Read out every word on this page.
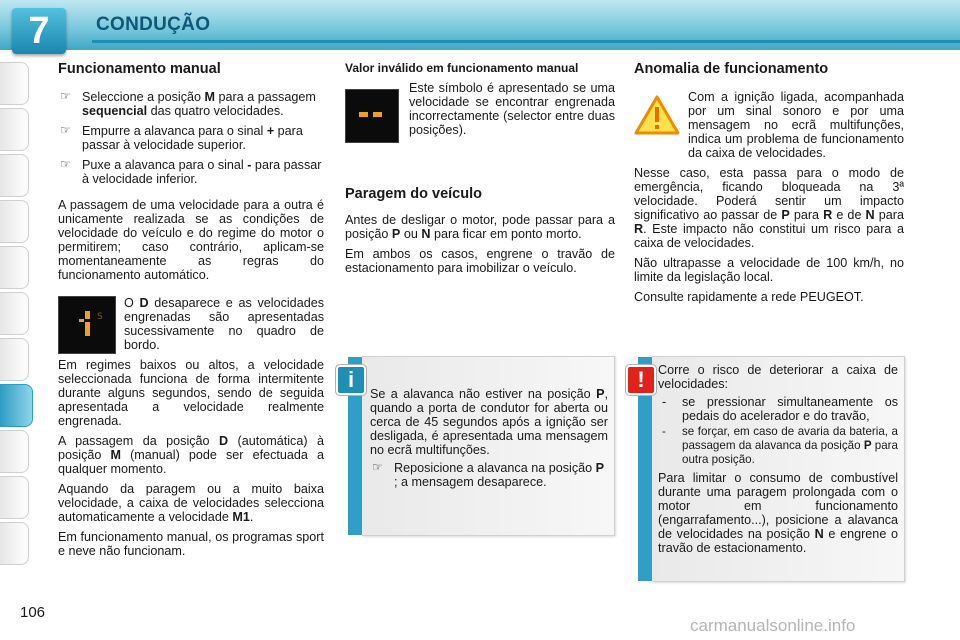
7	CONDUÇÃO
Funcionamento manual
☞ Seleccione a posição M para a passagem sequencial das quatro velocidades.
☞ Empurre a alavanca para o sinal + para passar à velocidade superior.
☞ Puxe a alavanca para o sinal - para passar à velocidade inferior.

A passagem de uma velocidade para a outra é unicamente realizada se as condições de velocidade do veículo e do regime do motor o permitirem; caso contrário, aplicam-se momentaneamente as regras do funcionamento automático.

S

O D desaparece e as velocidades engrenadas são apresentadas sucessivamente no quadro de bordo.

Em regimes baixos ou altos, a velocidade seleccionada funciona de forma intermitente durante alguns segundos, sendo de seguida apresentada a velocidade realmente engrenada.

A passagem da posição D (automática) à posição M (manual) pode ser efectuada a qualquer momento.

Aquando da paragem ou a muito baixa velocidade, a caixa de velocidades selecciona automaticamente a velocidade M1.

Em funcionamento manual, os programas sport e neve não funcionam.

Valor inválido em funcionamento manual

Este símbolo é apresentado se uma velocidade se encontrar engrenada incorrectamente (selector entre duas posições).

Paragem do veículo

Antes de desligar o motor, pode passar para a posição P ou N para ficar em ponto morto.

Em ambos os casos, engrene o travão de estacionamento para imobilizar o veículo.

i

Se a alavanca não estiver na posição P, quando a porta de condutor for aberta ou cerca de 45 segundos após a ignição ser desligada, é apresentada uma mensagem no ecrã multifunções.

☞ Reposicione a alavanca na posição P ; a mensagem desaparece.
Anomalia de funcionamento

Com a ignição ligada, acompanhada por um sinal sonoro e por uma mensagem no ecrã multifunções, indica um problema de funcionamento da caixa de velocidades.

Nesse caso, esta passa para o modo de emergência, ficando bloqueada na 3ª velocidade. Poderá sentir um impacto significativo ao passar de P para R e de N para R. Este impacto não constitui um risco para a caixa de velocidades.

Não ultrapasse a velocidade de 100 km/h, no limite da legislação local.

Consulte rapidamente a rede PEUGEOT.

!	Corre o risco de deteriorar a caixa de velocidades:

- se pressionar simultaneamente os pedais do acelerador e do travão,
- se forçar, em caso de avaria da bateria, a passagem da alavanca da posição P para outra posição.

Para limitar o consumo de combustível durante uma paragem prolongada com o motor em funcionamento (engarrafamento...), posicione a alavanca de velocidades na posição N e engrene o travão de estacionamento.

106
carmanualsonline.info
